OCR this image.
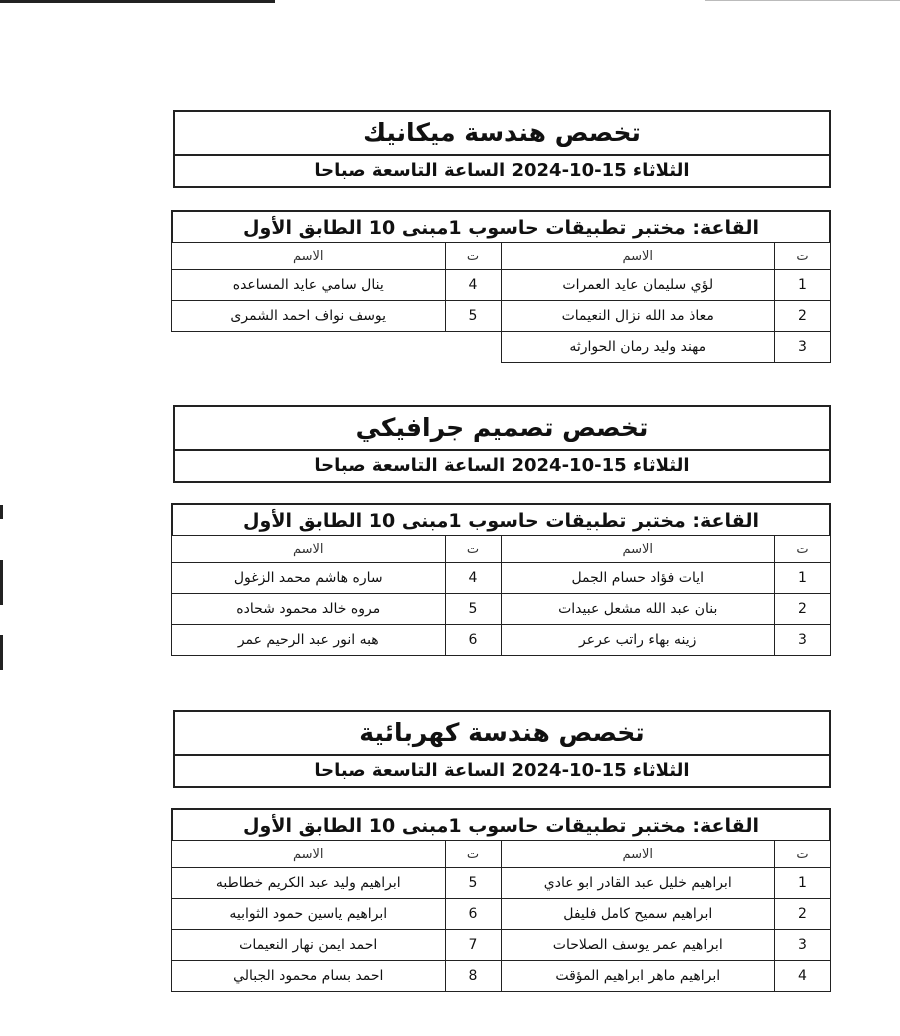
تخصص هندسة ميكانيك
الثلاثاء 15-10-2024 الساعة التاسعة صباحا
القاعة: مختبر تطبيقات حاسوب 1مبنى 10 الطابق الأول
ت	الاسم	ت	الاسم
1	لؤي سليمان عايد العمرات	4	ينال سامي عايد المساعده
2	معاذ مد الله نزال النعيمات	5	يوسف نواف احمد الشمرى
3	مهند وليد رمان الحوارثه		
تخصص تصميم جرافيكي
الثلاثاء 15-10-2024 الساعة التاسعة صباحا
القاعة: مختبر تطبيقات حاسوب 1مبنى 10 الطابق الأول
ت	الاسم	ت	الاسم
1	ايات فؤاد حسام الجمل	4	ساره هاشم محمد الزغول
2	بنان عبد الله مشعل عبيدات	5	مروه خالد محمود شحاده
3	زينه بهاء راتب عرعر	6	هبه انور عبد الرحيم عمر
تخصص هندسة كهربائية
الثلاثاء 15-10-2024 الساعة التاسعة صباحا
القاعة: مختبر تطبيقات حاسوب 1مبنى 10 الطابق الأول
ت	الاسم	ت	الاسم
1	ابراهيم خليل عبد القادر ابو عادي	5	ابراهيم وليد عبد الكريم خطاطبه
2	ابراهيم سميح كامل فليفل	6	ابراهيم ياسين حمود الثوابيه
3	ابراهيم عمر يوسف الصلاحات	7	احمد ايمن نهار النعيمات
4	ابراهيم ماهر ابراهيم المؤقت	8	احمد بسام محمود الجبالي
